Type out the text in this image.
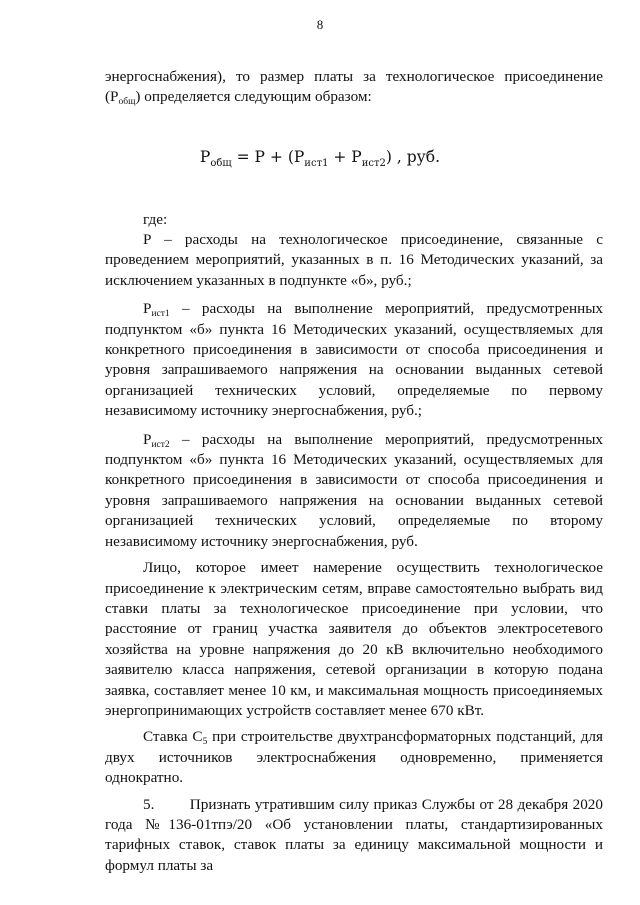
8

энергоснабжения), то размер платы за технологическое присоединение $(P_{общ})$ определяется следующим образом:

$P_{общ} = P + (P_{ист1} + P_{ист2})$ , руб.
где:

P – расходы на технологическое присоединение, связанные с проведением мероприятий, указанных в п. 16 Методических указаний, за исключением указанных в подпункте «б», руб.;

$P_{ист1}$ – расходы на выполнение мероприятий, предусмотренных подпунктом «б» пункта 16 Методических указаний, осуществляемых для конкретного присоединения в зависимости от способа присоединения и уровня запрашиваемого напряжения на основании выданных сетевой организацией технических условий, определяемые по первому независимому источнику энергоснабжения, руб.;

$P_{ист2}$ – расходы на выполнение мероприятий, предусмотренных подпунктом «б» пункта 16 Методических указаний, осуществляемых для конкретного присоединения в зависимости от способа присоединения и уровня запрашиваемого напряжения на основании выданных сетевой организацией технических условий, определяемые по второму независимому источнику энергоснабжения, руб.

Лицо, которое имеет намерение осуществить технологическое присоединение к электрическим сетям, вправе самостоятельно выбрать вид ставки платы за технологическое присоединение при условии, что расстояние от границ участка заявителя до объектов электросетевого хозяйства на уровне напряжения до 20 кВ включительно необходимого заявителю класса напряжения, сетевой организации в которую подана заявка, составляет менее 10 км, и максимальная мощность присоединяемых энергопринимающих устройств составляет менее 670 кВт.

Ставка $C_5$ при строительстве двухтрансформаторных подстанций, для двух источников электроснабжения одновременно, применяется однократно.

5.        Признать утратившим силу приказ Службы от 28 декабря 2020 года №136-01тпэ/20 «Об установлении платы, стандартизированных тарифных ставок, ставок платы за единицу максимальной мощности и формул платы за
